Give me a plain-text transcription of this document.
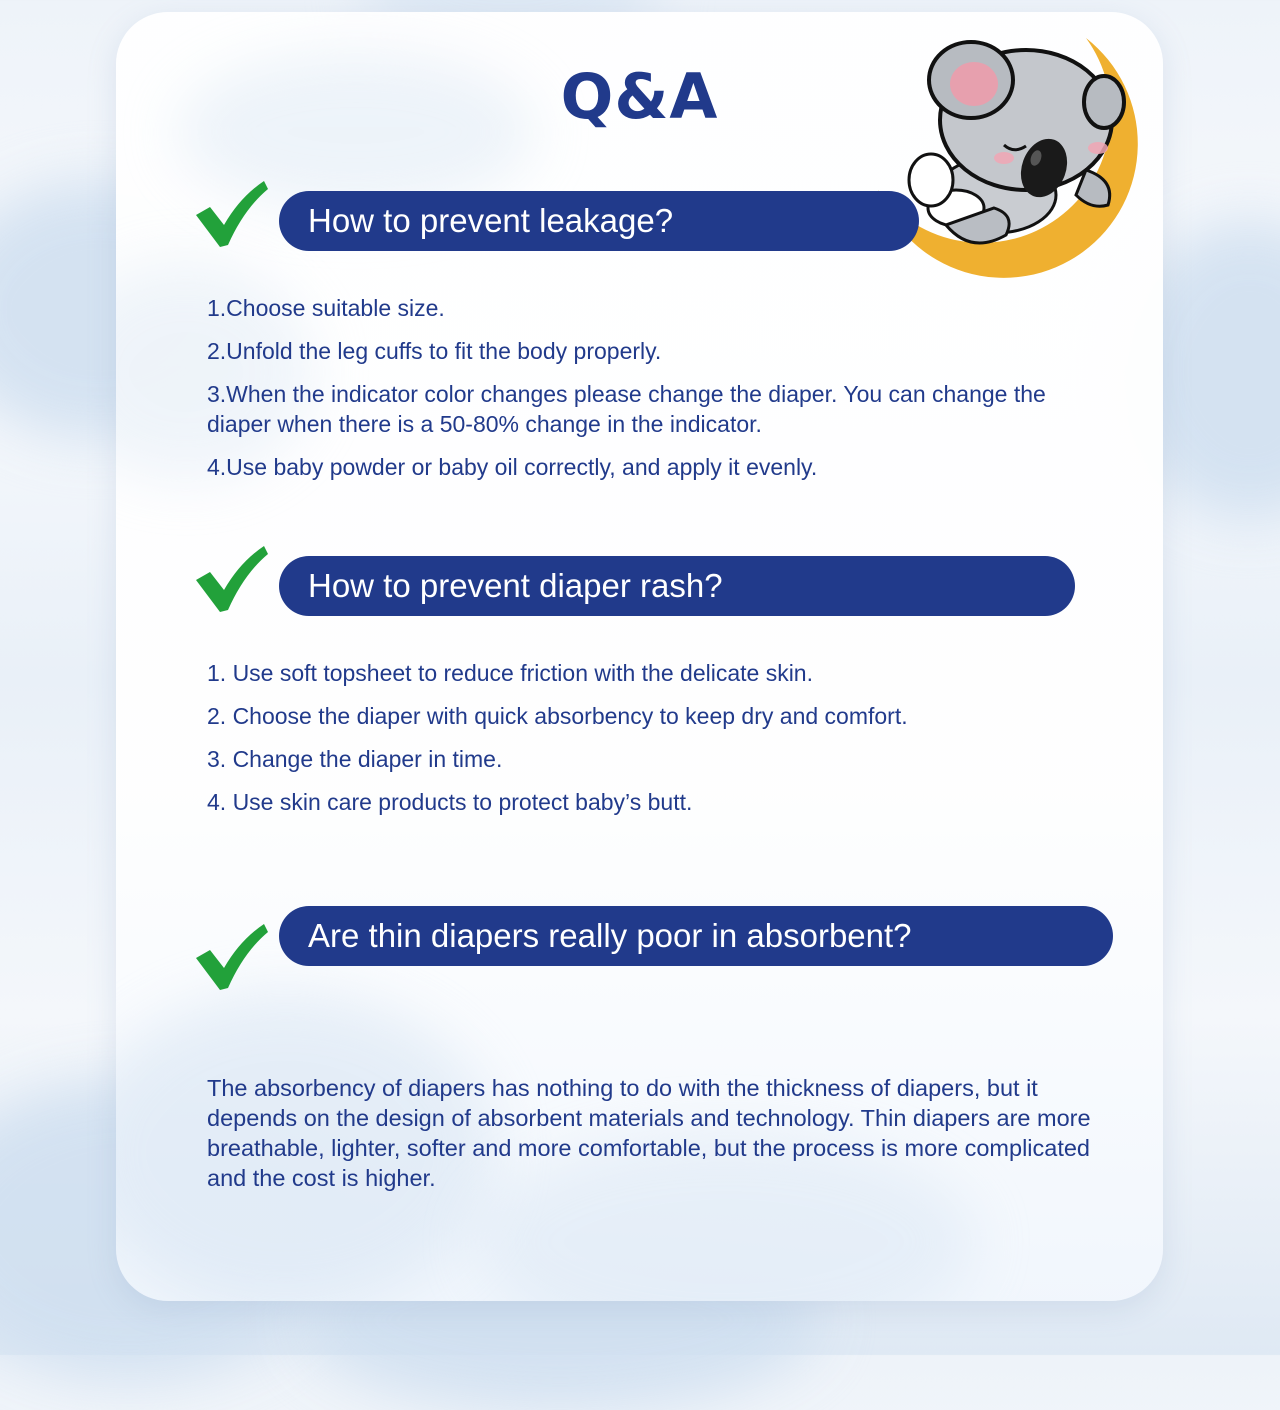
Q&A
How to prevent leakage?
1.Choose suitable size.
2.Unfold the leg cuffs to fit the body properly.
3.When the indicator color changes please change the diaper. You can change the diaper when there is a 50-80% change in the indicator.
4.Use baby powder or baby oil correctly, and apply it evenly.
How to prevent diaper rash?
1. Use soft topsheet to reduce friction with the delicate skin.
2. Choose the diaper with quick absorbency to keep dry and comfort.
3. Change the diaper in time.
4. Use skin care products to protect baby’s butt.
Are thin diapers really poor in absorbent?

The absorbency of diapers has nothing to do with the thickness of diapers, but it depends on the design of absorbent materials and technology. Thin diapers are more breathable, lighter, softer and more comfortable, but the process is more complicated and the cost is higher.
